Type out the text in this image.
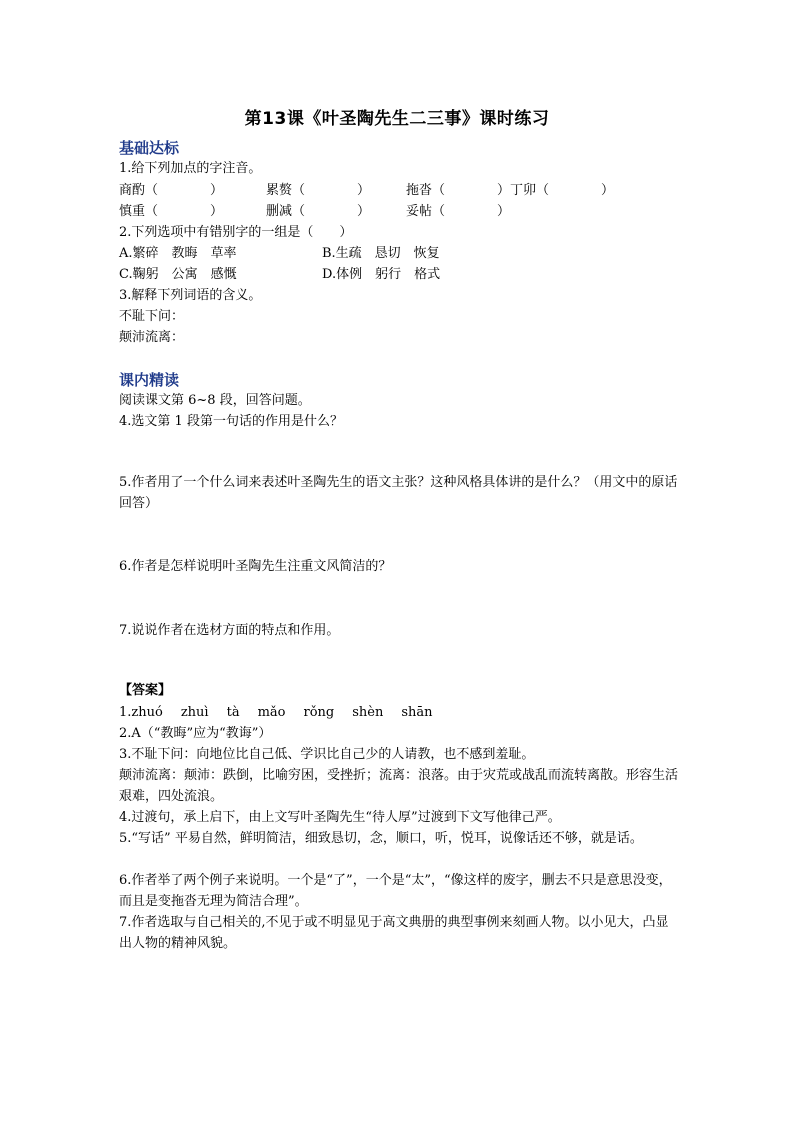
第13课《叶圣陶先生二三事》课时练习
基础达标
1.给下列加点的字注音。
商酌（　　　　）	累赘（　　　　）	拖沓（　　　　）丁卯（　　　　）
慎重（　　　　）	删减（　　　　）	妥帖（　　　　）
2.下列选项中有错别字的一组是（　　）
A.繁碎　教晦　草率	B.生疏　恳切　恢复
C.鞠躬　公寓　感慨	D.体例　躬行　格式
3.解释下列词语的含义。
不耻下问：
颠沛流离：
课内精读
阅读课文第 6~8 段，回答问题。
4.选文第 1 段第一句话的作用是什么？
5.作者用了一个什么词来表述叶圣陶先生的语文主张？这种风格具体讲的是什么？（用文中的原话回答）
6.作者是怎样说明叶圣陶先生注重文风简洁的？
7.说说作者在选材方面的特点和作用。
【答案】
1.zhuó zhuì tà mǎo rǒng shèn shān
2.A（“教晦”应为“教诲”）
3.不耻下问：向地位比自己低、学识比自己少的人请教，也不感到羞耻。
颠沛流离：颠沛：跌倒，比喻穷困，受挫折；流离：浪落。由于灾荒或战乱而流转离散。形容生活艰难，四处流浪。
4.过渡句，承上启下，由上文写叶圣陶先生“待人厚”过渡到下文写他律己严。
5.“写话” 平易自然，鲜明简洁，细致恳切，念，顺口，听，悦耳，说像话还不够，就是话。
6.作者举了两个例子来说明。一个是“了”，一个是“太”，“像这样的废字，删去不只是意思没变，而且是变拖沓无理为简洁合理”。
7.作者选取与自己相关的,不见于或不明显见于高文典册的典型事例来刻画人物。以小见大，凸显出人物的精神风貌。
